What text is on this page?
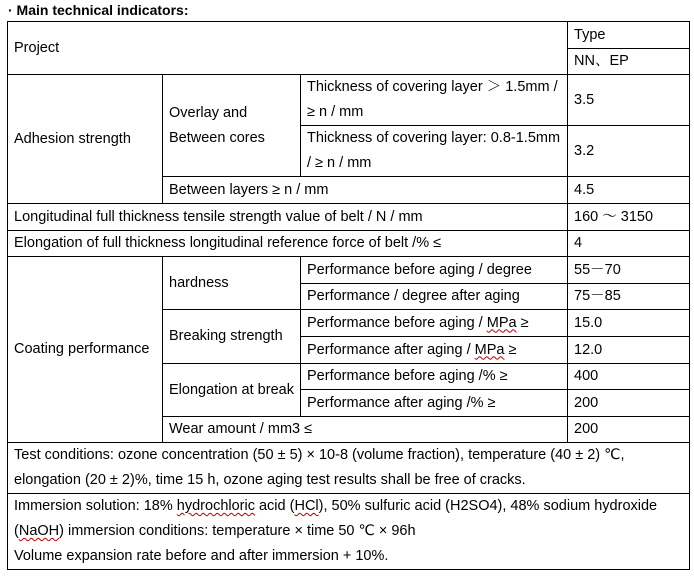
· Main technical indicators:
Project			Type
			NN、EP
Adhesion strength	Overlay and Between cores	Thickness of covering layer ＞ 1.5mm / ≥ n / mm	3.5
		Thickness of covering layer: 0.8-1.5mm / ≥ n / mm	3.2
	Between layers ≥ n / mm		4.5
Longitudinal full thickness tensile strength value of belt / N / mm			160 ～ 3150
Elongation of full thickness longitudinal reference force of belt /% ≤			4
Coating performance	hardness	Performance before aging / degree	55－70
		Performance / degree after aging	75－85
	Breaking strength	Performance before aging / MPa ≥	15.0
		Performance after aging / MPa ≥	12.0
	Elongation at break	Performance before aging /% ≥	400
		Performance after aging /% ≥	200
	Wear amount / mm3 ≤		200
Test conditions: ozone concentration (50 ± 5) × 10-8 (volume fraction), temperature (40 ± 2) ℃, elongation (20 ± 2)%, time 15 h, ozone aging test results shall be free of cracks.			
Immersion solution: 18% hydrochloric acid (HCl), 50% sulfuric acid (H2SO4), 48% sodium hydroxide (NaOH) immersion conditions: temperature × time 50 ℃ × 96h
Volume expansion rate before and after immersion + 10%.			
